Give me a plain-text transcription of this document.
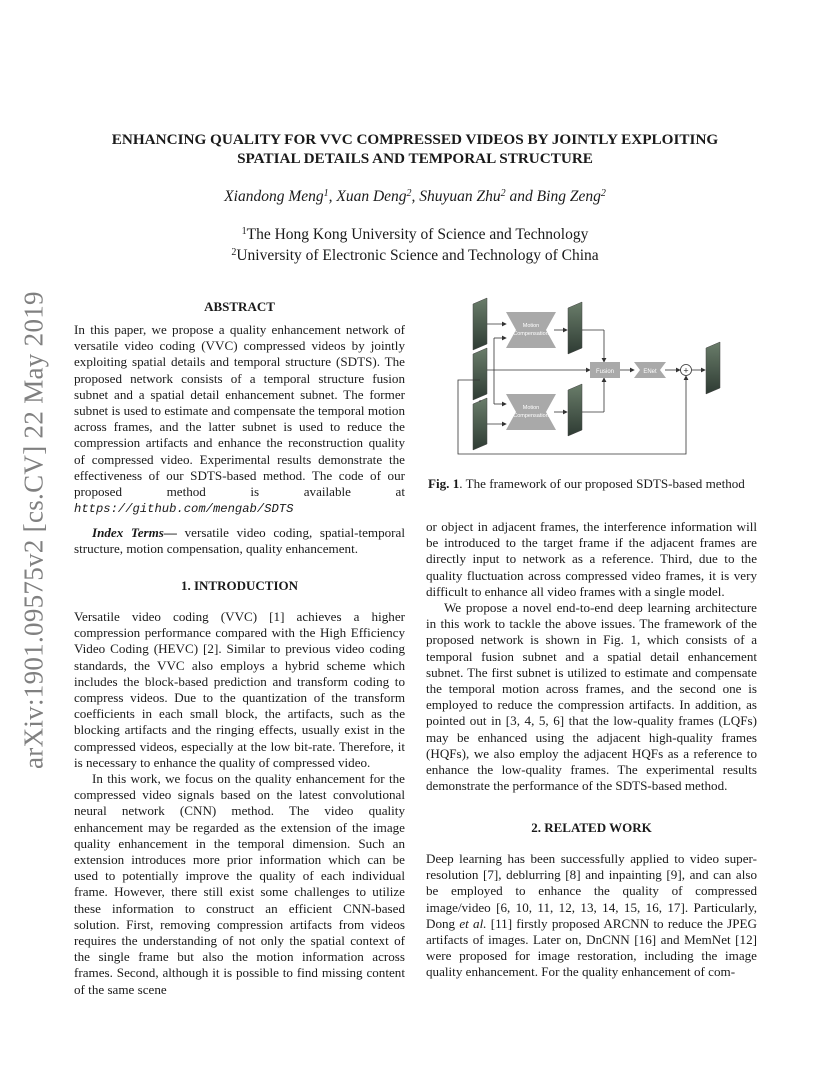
arXiv:1901.09575v2 [cs.CV] 22 May 2019
ENHANCING QUALITY FOR VVC COMPRESSED VIDEOS BY JOINTLY EXPLOITING
SPATIAL DETAILS AND TEMPORAL STRUCTURE
Xiandong Meng$^1$, Xuan Deng$^2$, Shuyuan Zhu$^2$ and Bing Zeng$^2$
$^1$The Hong Kong University of Science and Technology
$^2$University of Electronic Science and Technology of China
ABSTRACT

In this paper, we propose a quality enhancement network of versatile video coding (VVC) compressed videos by jointly exploiting spatial details and temporal structure (SDTS). The proposed network consists of a temporal structure fusion subnet and a spatial detail enhancement subnet. The former subnet is used to estimate and compensate the temporal motion across frames, and the latter subnet is used to reduce the compression artifacts and enhance the reconstruction quality of compressed video. Experimental results demonstrate the effectiveness of our SDTS-based method. The code of our proposed method is available at https://github.com/mengab/SDTS

Index Terms— versatile video coding, spatial-temporal structure, motion compensation, quality enhancement.

1. INTRODUCTION

Versatile video coding (VVC) [1] achieves a higher compression performance compared with the High Efficiency Video Coding (HEVC) [2]. Similar to previous video coding standards, the VVC also employs a hybrid scheme which includes the block-based prediction and transform coding to compress videos. Due to the quantization of the transform coefficients in each small block, the artifacts, such as the blocking artifacts and the ringing effects, usually exist in the compressed videos, especially at the low bit-rate. Therefore, it is necessary to enhance the quality of compressed video.

In this work, we focus on the quality enhancement for the compressed video signals based on the latest convolutional neural network (CNN) method. The video quality enhancement may be regarded as the extension of the image quality enhancement in the temporal dimension. Such an extension introduces more prior information which can be used to potentially improve the quality of each individual frame. However, there still exist some challenges to utilize these information to construct an efficient CNN-based solution. First, removing compression artifacts from videos requires the understanding of not only the spatial context of the single frame but also the motion information across frames. Second, although it is possible to find missing content of the same scene

Motion
Compensation
Motion
Compensation
Fusion	ENet	+
Fig. 1. The framework of our proposed SDTS-based method

or object in adjacent frames, the interference information will be introduced to the target frame if the adjacent frames are directly input to network as a reference. Third, due to the quality fluctuation across compressed video frames, it is very difficult to enhance all video frames with a single model.

We propose a novel end-to-end deep learning architecture in this work to tackle the above issues. The framework of the proposed network is shown in Fig. 1, which consists of a temporal fusion subnet and a spatial detail enhancement subnet. The first subnet is utilized to estimate and compensate the temporal motion across frames, and the second one is employed to reduce the compression artifacts. In addition, as pointed out in [3, 4, 5, 6] that the low-quality frames (LQFs) may be enhanced using the adjacent high-quality frames (HQFs), we also employ the adjacent HQFs as a reference to enhance the low-quality frames. The experimental results demonstrate the performance of the SDTS-based method.

2. RELATED WORK

Deep learning has been successfully applied to video super-resolution [7], deblurring [8] and inpainting [9], and can also be employed to enhance the quality of compressed image/video [6, 10, 11, 12, 13, 14, 15, 16, 17]. Particularly, Dong et al. [11] firstly proposed ARCNN to reduce the JPEG artifacts of images. Later on, DnCNN [16] and MemNet [12] were proposed for image restoration, including the image quality enhancement. For the quality enhancement of com-
